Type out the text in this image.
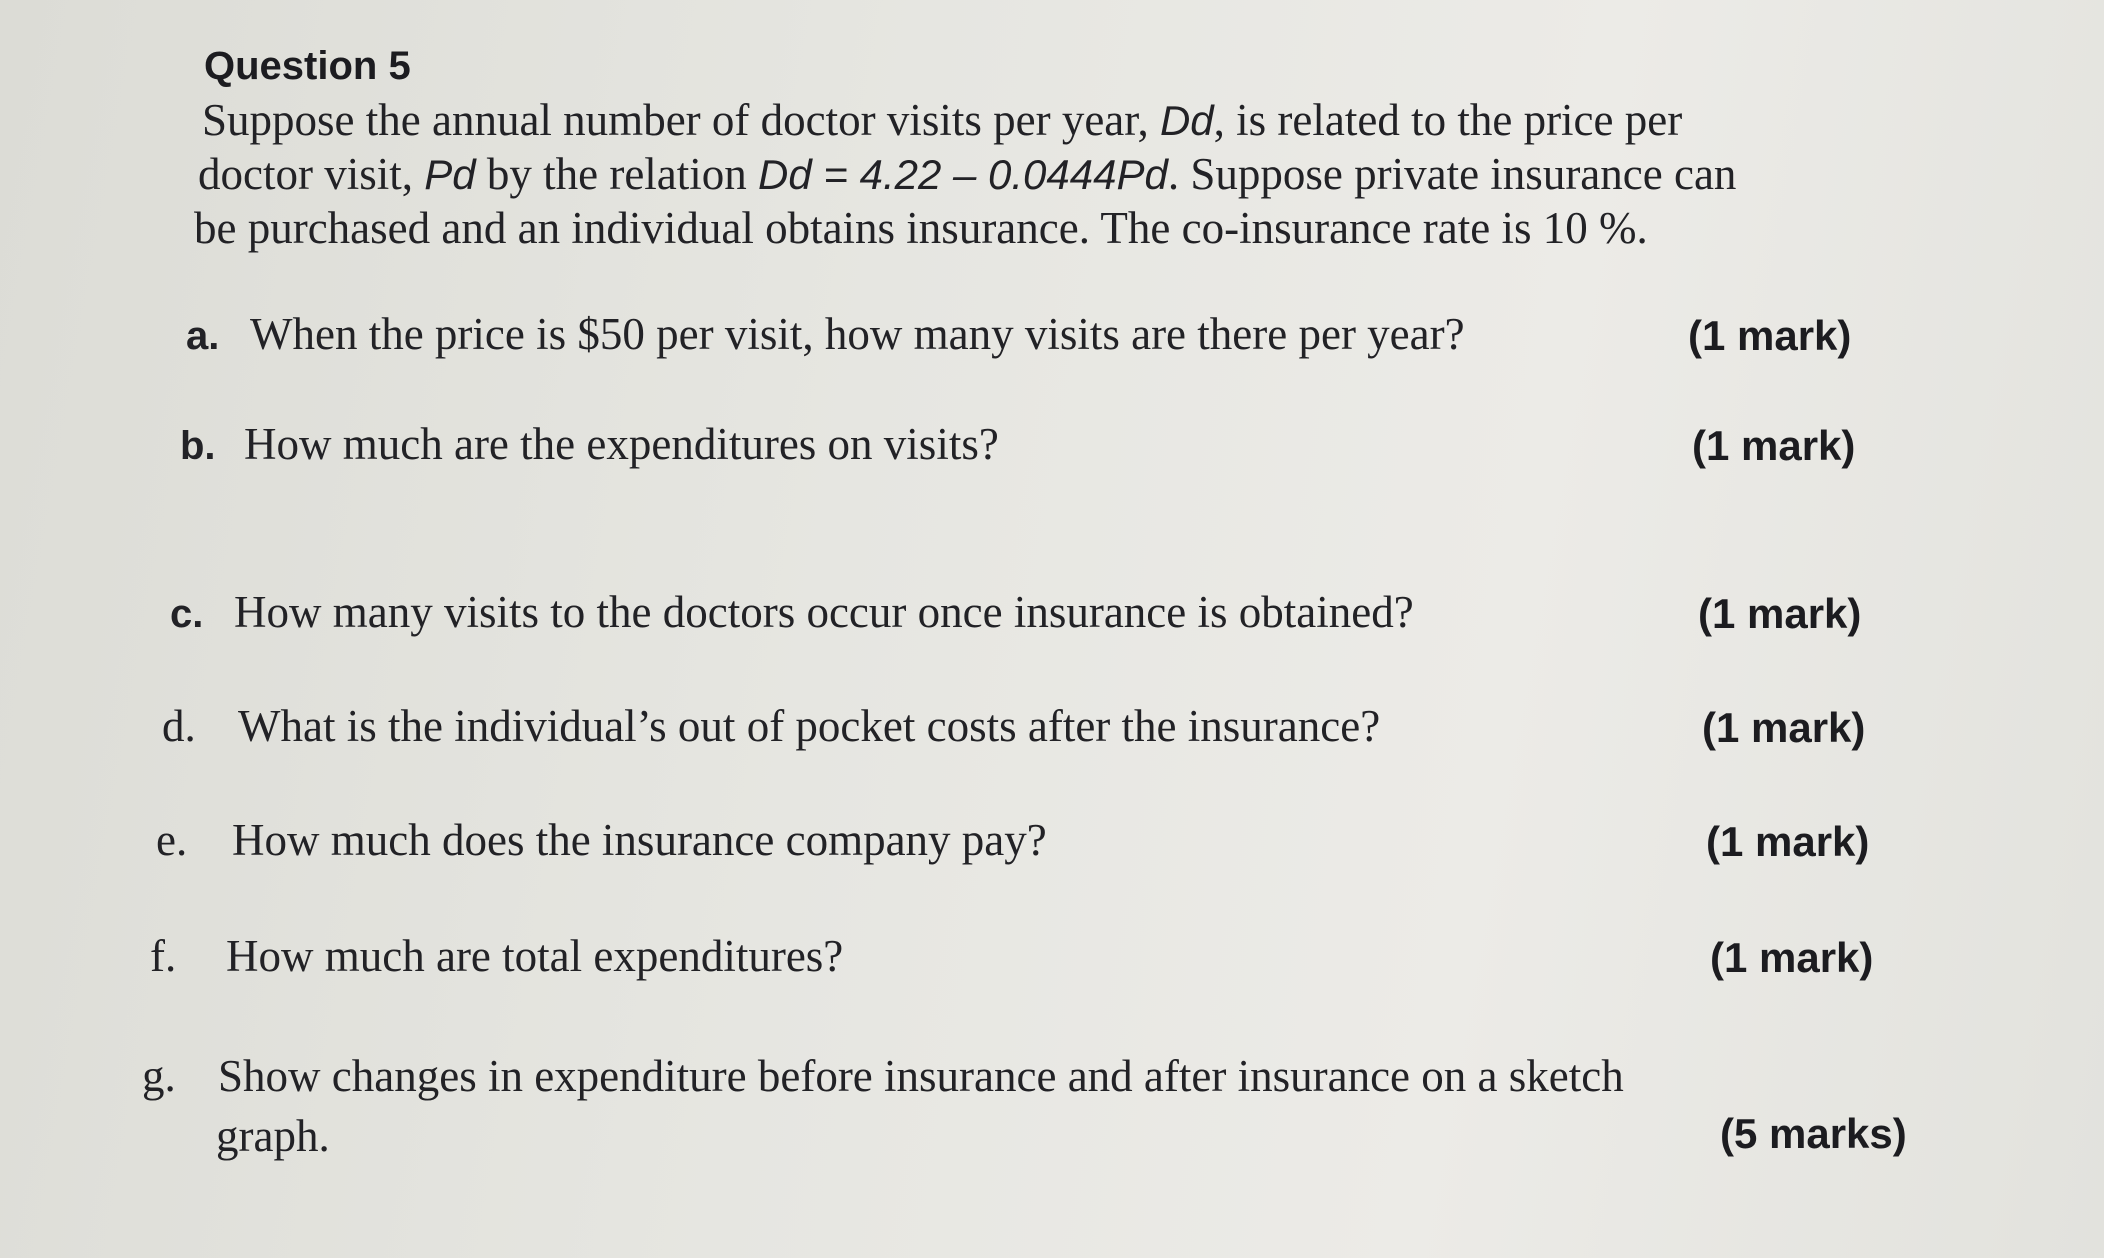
Question 5
Suppose the annual number of doctor visits per year, Dd, is related to the price per
doctor visit, Pd by the relation Dd = 4.22 – 0.0444Pd. Suppose private insurance can
be purchased and an individual obtains insurance. The co-insurance rate is 10 %.
a. When the price is $50 per visit, how many visits are there per year?	(1 mark)
b. How much are the expenditures on visits?	(1 mark)
c. How many visits to the doctors occur once insurance is obtained?	(1 mark)
d. What is the individual’s out of pocket costs after the insurance?	(1 mark)
e. How much does the insurance company pay?	(1 mark)
f. How much are total expenditures?	(1 mark)
g. Show changes in expenditure before insurance and after insurance on a sketch
graph.	(5 marks)
